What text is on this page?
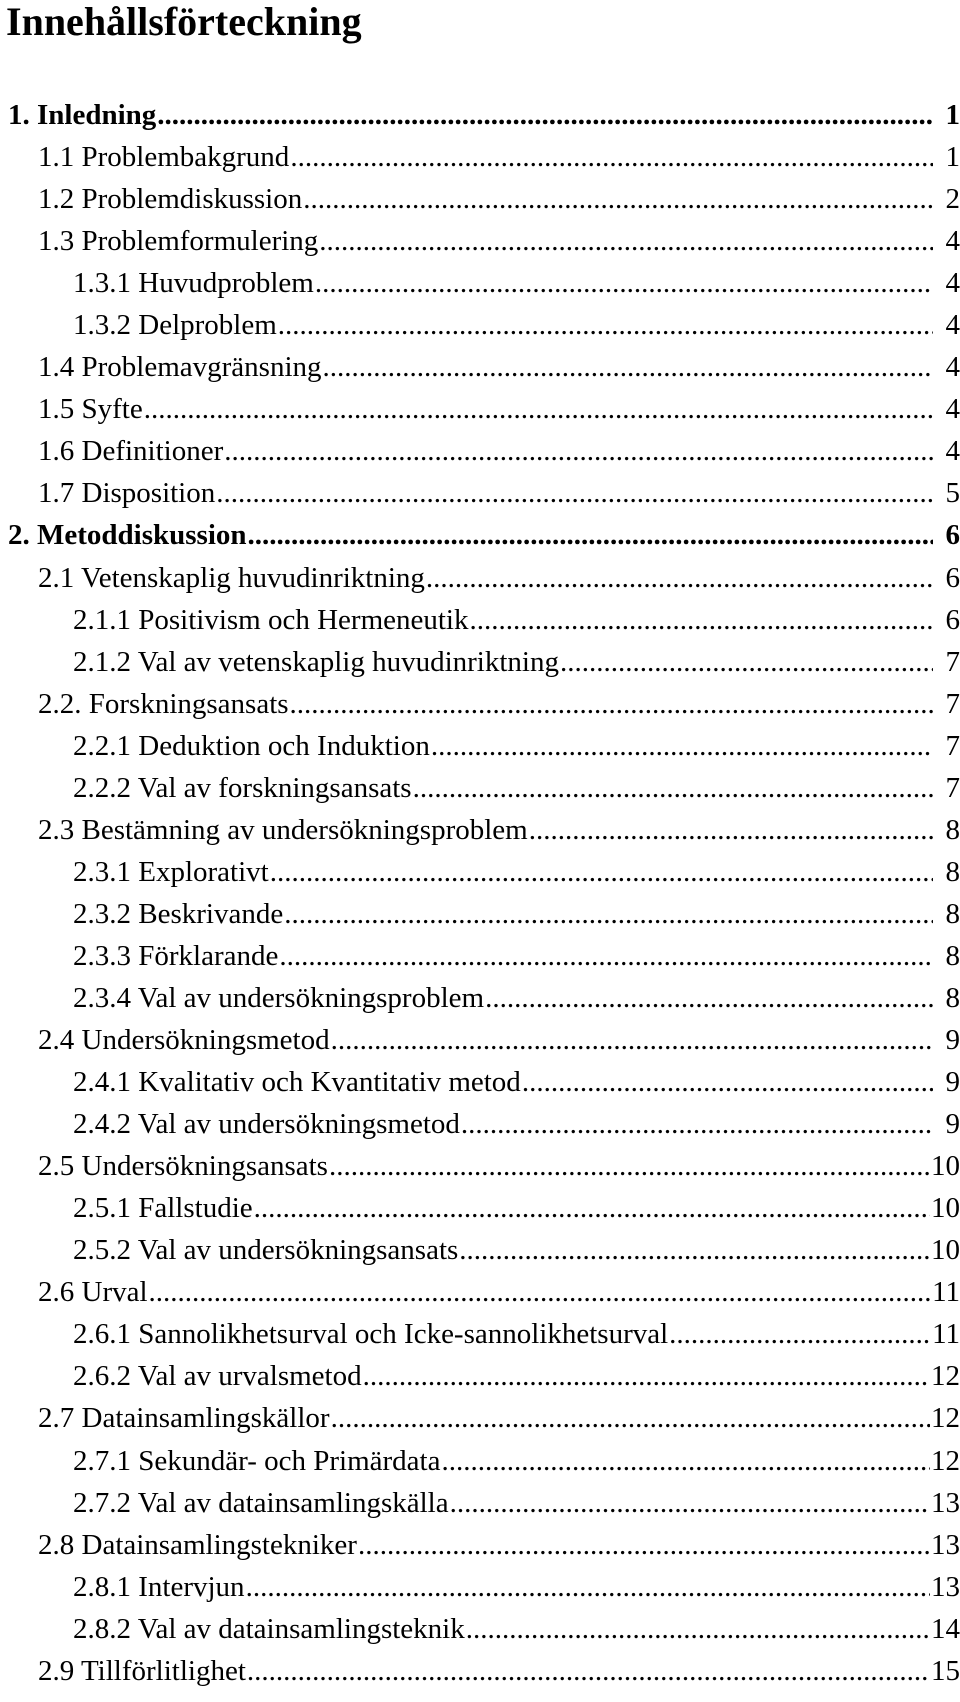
Innehållsförteckning
1. Inledning .....	1
1.1 Problembakgrund .....	1
1.2 Problemdiskussion .....	2
1.3 Problemformulering .....	4
1.3.1 Huvudproblem .....	4
1.3.2 Delproblem .....	4
1.4 Problemavgränsning .....	4
1.5 Syfte .....	4
1.6 Definitioner .....	4
1.7 Disposition .....	5
2. Metoddiskussion .....	6
2.1 Vetenskaplig huvudinriktning .....	6
2.1.1 Positivism och Hermeneutik .....	6
2.1.2 Val av vetenskaplig huvudinriktning .....	7
2.2. Forskningsansats .....	7
2.2.1 Deduktion och Induktion .....	7
2.2.2 Val av forskningsansats .....	7
2.3 Bestämning av undersökningsproblem .....	8
2.3.1 Explorativt .....	8
2.3.2 Beskrivande .....	8
2.3.3 Förklarande .....	8
2.3.4 Val av undersökningsproblem .....	8
2.4 Undersökningsmetod .....	9
2.4.1 Kvalitativ och Kvantitativ metod .....	9
2.4.2 Val av undersökningsmetod .....	9
2.5 Undersökningsansats .....	10
2.5.1 Fallstudie .....	10
2.5.2 Val av undersökningsansats .....	10
2.6 Urval .....	11
2.6.1 Sannolikhetsurval och Icke-sannolikhetsurval .....	11
2.6.2 Val av urvalsmetod .....	12
2.7 Datainsamlingskällor .....	12
2.7.1 Sekundär- och Primärdata .....	12
2.7.2 Val av datainsamlingskälla .....	13
2.8 Datainsamlingstekniker .....	13
2.8.1 Intervjun .....	13
2.8.2 Val av datainsamlingsteknik .....	14
2.9 Tillförlitlighet .....	15
